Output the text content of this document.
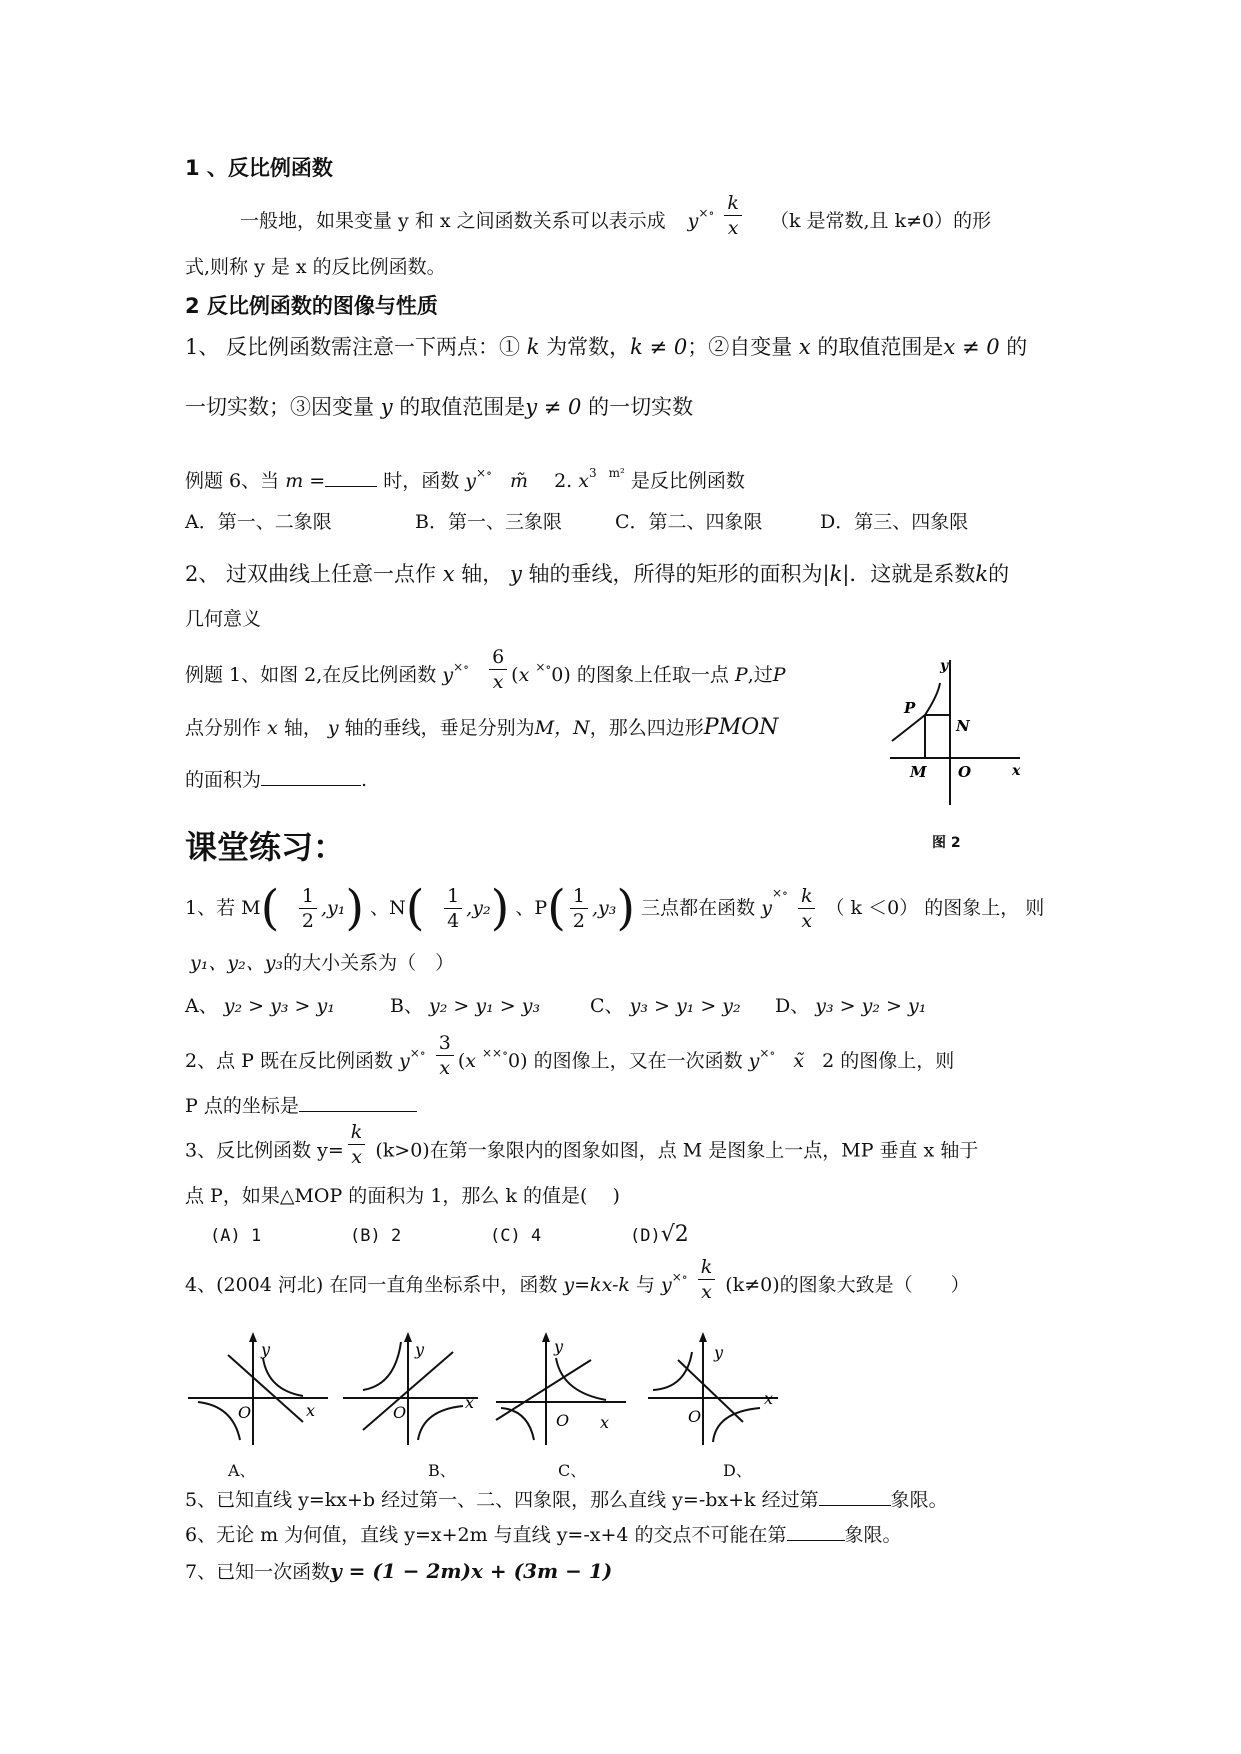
1 、反比例函数
一般地，如果变量 y 和 x 之间函数关系可以表示成 $y^{\times\circ} \frac{k}{x} (k$ 是常数,且 k≠0）的形
式,则称 y 是 x 的反比例函数。
2 反比例函数的图像与性质
1、 反比例函数需注意一下两点：① k 为常数，k ≠ 0；②自变量 x 的取值范围是x ≠ 0 的
一切实数；③因变量 y 的取值范围是y ≠ 0 的一切实数
例题 6、当 m =	时，函数 y×∘ m̃ 2. $x^{3 m^2}$ 是反比例函数
A．第一、二象限	B．第一、三象限	C．第二、四象限	D．第三、四象限
2、 过双曲线上任意一点作 x 轴， y 轴的垂线，所得的矩形的面积为|k|．这就是系数k的
几何意义
例题 1、如图 2,在反比例函数 $y^{\times\circ} \frac{6}{x} (x$ ×∘0) 的图象上任取一点 P,过P
点分别作 x 轴， y 轴的垂线，垂足分别为M，N，那么四边形PMON
的面积为	.
y
P
N
M O	x
图 2
课堂练习：
1、若 M(   $\frac{1}{2} ,y_1$) 、N(   $\frac{1}{4} ,y_2$) 、$P( \frac{1}{2} ,y_3)$ 三点都在函数 $y^{\times\circ} \frac{k}{x}$ （ k ＜0） 的图象上， 则
y₁、y₂、y₃的大小关系为（　）
A、 y₂ > y₃ > y₁	B、 y₂ > y₁ > y₃	C、 y₃ > y₁ > y₂ D、 y₃ > y₂ > y₁
2、点 P 既在反比例函数 $y^{\times\circ} \frac{3}{x} (x$ ××∘0) 的图像上，又在一次函数 y×∘ x̃ 2 的图像上，则
P 点的坐标是
3、反比例函数 $y= \frac{k}{x} (k>0)$在第一象限内的图象如图，点 M 是图象上一点，MP 垂直 x 轴于
点 P，如果△MOP 的面积为 1，那么 k 的值是(　 )
(A) 1	(B) 2	(C) 4	(D)√2
4、(2004 河北) 在同一直角坐标系中，函数 y=kx-k 与 $y^{\times\circ} \frac{k}{x} (k\ne 0)$的图象大致是（　　）
y
O	x
y
O
x
y
O x
y
O
x
A、	B、	C、	D、
5、已知直线 y=kx+b 经过第一、二、四象限，那么直线 y=-bx+k 经过第	象限。
6、无论 m 为何值，直线 y=x+2m 与直线 y=-x+4 的交点不可能在第	象限。
7、已知一次函数y = (1 − 2m)x + (3m − 1)
